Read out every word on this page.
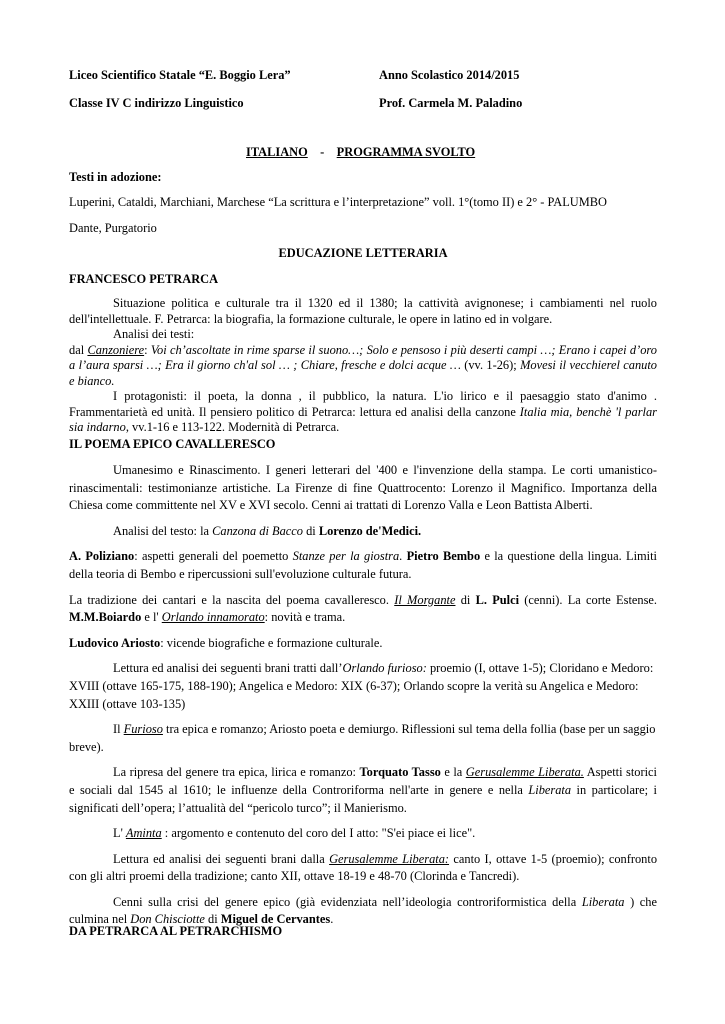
Liceo Scientifico Statale “E. Boggio Lera”	Anno Scolastico 2014/2015
Classe IV C indirizzo Linguistico	Prof. Carmela M. Paladino
ITALIANO - PROGRAMMA SVOLTO
Testi in adozione:
Luperini, Cataldi, Marchiani, Marchese “La scrittura e l’interpretazione” voll. 1°(tomo II) e 2° - PALUMBO
Dante, Purgatorio
EDUCAZIONE LETTERARIA
FRANCESCO PETRARCA

Situazione politica e culturale tra il 1320 ed il 1380; la cattività avignonese; i cambiamenti nel ruolo dell'intellettuale. F. Petrarca: la biografia, la formazione culturale, le opere in latino ed in volgare.

Analisi dei testi:

dal Canzoniere: Voi ch’ascoltate in rime sparse il suono…; Solo e pensoso i più deserti campi …; Erano i capei d’oro a l’aura sparsi …; Era il giorno ch'al sol … ; Chiare, fresche e dolci acque … (vv. 1-26); Movesi il vecchierel canuto e bianco.

I protagonisti: il poeta, la donna , il pubblico, la natura. L'io lirico e il paesaggio stato d'animo . Frammentarietà ed unità. Il pensiero politico di Petrarca: lettura ed analisi della canzone Italia mia, benchè 'l parlar sia indarno, vv.1-16 e 113-122. Modernità di Petrarca.

IL POEMA EPICO CAVALLERESCO

Umanesimo e Rinascimento. I generi letterari del '400 e l'invenzione della stampa. Le corti umanistico-rinascimentali: testimonianze artistiche. La Firenze di fine Quattrocento: Lorenzo il Magnifico. Importanza della Chiesa come committente nel XV e XVI secolo. Cenni ai trattati di Lorenzo Valla e Leon Battista Alberti.

Analisi del testo: la Canzona di Bacco di Lorenzo de'Medici.

A. Poliziano: aspetti generali del poemetto Stanze per la giostra. Pietro Bembo e la questione della lingua. Limiti della teoria di Bembo e ripercussioni sull'evoluzione culturale futura.

La tradizione dei cantari e la nascita del poema cavalleresco. Il Morgante di L. Pulci (cenni). La corte Estense. M.M.Boiardo e l' Orlando innamorato: novità e trama.

Ludovico Ariosto: vicende biografiche e formazione culturale.

Lettura ed analisi dei seguenti brani tratti dall’Orlando furioso: proemio (I, ottave 1-5); Cloridano e Medoro: XVIII (ottave 165-175, 188-190); Angelica e Medoro: XIX (6-37); Orlando scopre la verità su Angelica e Medoro: XXIII (ottave 103-135)

Il Furioso tra epica e romanzo; Ariosto poeta e demiurgo. Riflessioni sul tema della follia (base per un saggio breve).

La ripresa del genere tra epica, lirica e romanzo: Torquato Tasso e la Gerusalemme Liberata. Aspetti storici e sociali dal 1545 al 1610; le influenze della Controriforma nell'arte in genere e nella Liberata in particolare; i significati dell’opera; l’attualità del “pericolo turco”; il Manierismo.

L' Aminta : argomento e contenuto del coro del I atto: "S'ei piace ei lice".

Lettura ed analisi dei seguenti brani dalla Gerusalemme Liberata: canto I, ottave 1-5 (proemio); confronto con gli altri proemi della tradizione; canto XII, ottave 18-19 e 48-70 (Clorinda e Tancredi).

Cenni sulla crisi del genere epico (già evidenziata nell’ideologia controriformistica della Liberata ) che culmina nel Don Chisciotte di Miguel de Cervantes.

DA PETRARCA AL PETRARCHISMO
